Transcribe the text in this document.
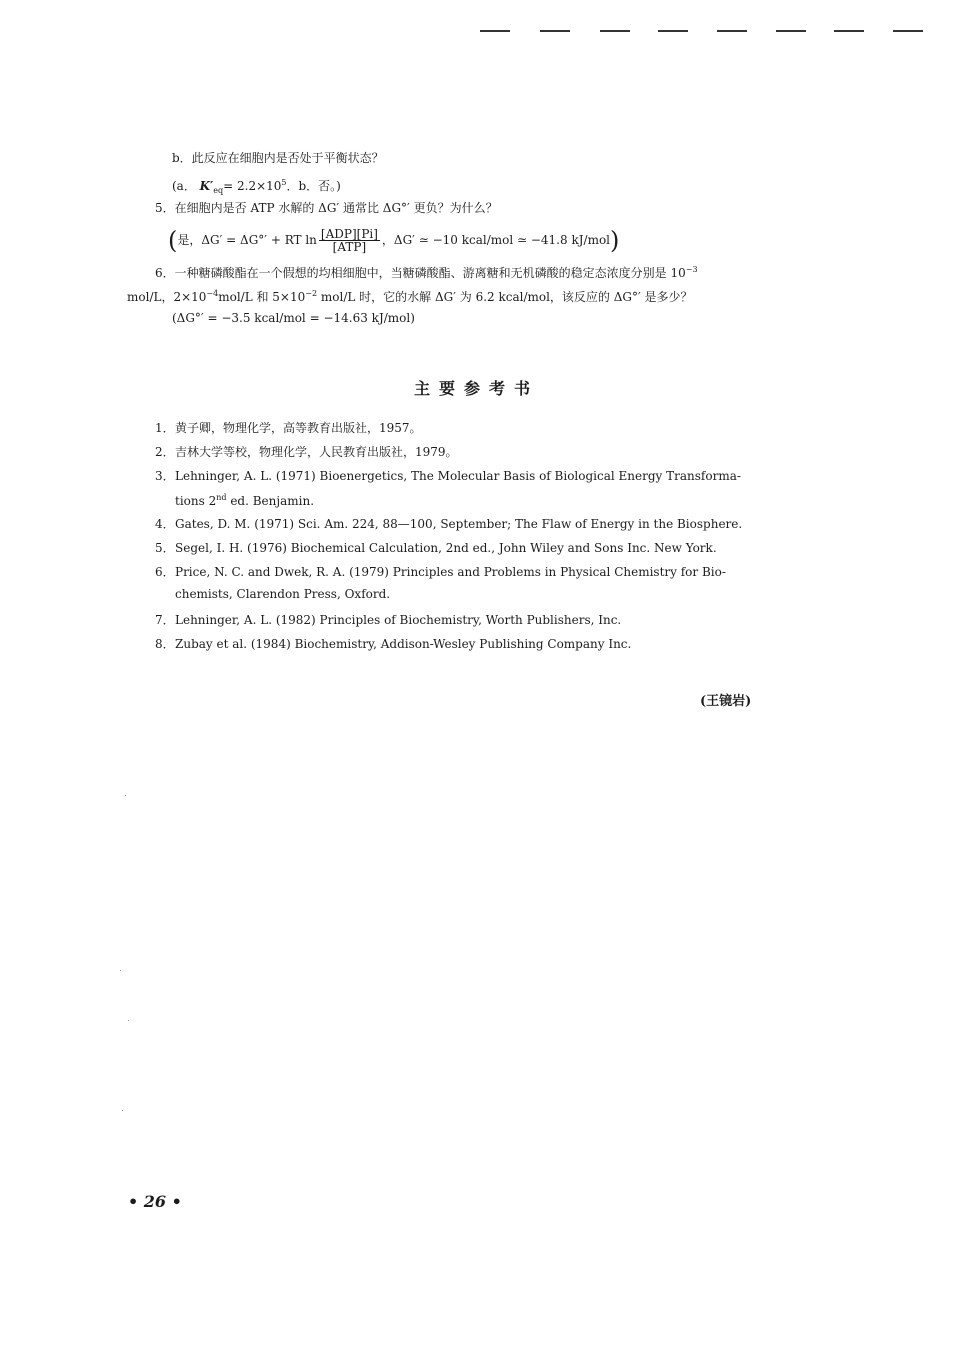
b．此反应在细胞内是否处于平衡状态？
(a． $K'_{eq}= 2.2\times 10^5$．b．否。)
5．在细胞内是否 ATP 水解的 ΔG′ 通常比 ΔG°′ 更负？为什么？
(是，ΔG′ = ΔG°′ + RT $\ln \frac{\text{[ADP][Pi]}}{\text{[ATP]}}$ ，ΔG′ ≃ −10 kcal/mol ≃ −41.8 kJ/mol)
6．一种糖磷酸酯在一个假想的均相细胞中，当糖磷酸酯、游离糖和无机磷酸的稳定态浓度分别是 $10^{-3}$
mol/L，$2\times 10^{-4}mol/L$ 和 $5\times 10^{-2}$ mol/L 时，它的水解 ΔG′ 为 6.2 kcal/mol，该反应的 ΔG°′ 是多少？
(ΔG°′ = −3.5 kcal/mol = −14.63 kJ/mol)
主要参考书
1．黄子卿，物理化学，高等教育出版社，1957。
2．吉林大学等校，物理化学，人民教育出版社，1979。
3．Lehninger, A. L. (1971) Bioenergetics, The Molecular Basis of Biological Energy Transforma-
tions 2nd ed. Benjamin.
4．Gates, D. M. (1971) Sci. Am. 224, 88—100, September; The Flaw of Energy in the Biosphere.
5．Segel, I. H. (1976) Biochemical Calculation, 2nd ed., John Wiley and Sons Inc. New York.
6．Price, N. C. and Dwek, R. A. (1979) Principles and Problems in Physical Chemistry for Bio-
chemists, Clarendon Press, Oxford.
7．Lehninger, A. L. (1982) Principles of Biochemistry, Worth Publishers, Inc.
8．Zubay et al. (1984) Biochemistry, Addison-Wesley Publishing Company Inc.
(王镜岩)
• 26 •
